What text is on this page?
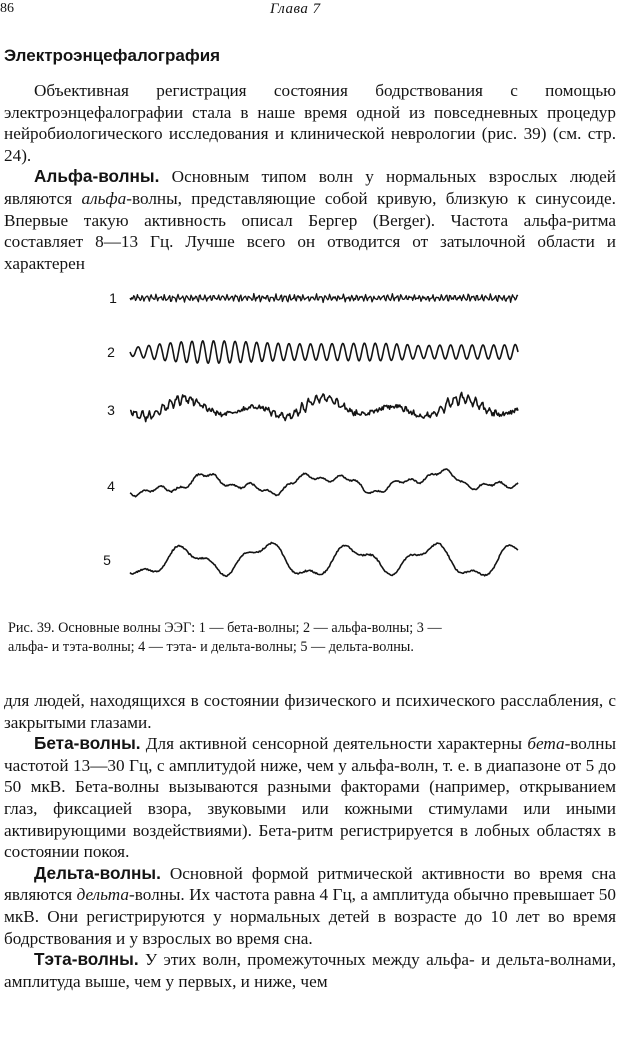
86	Глава 7
Электроэнцефалография

Объективная регистрация состояния бодрствования с помощью электроэнцефалографии стала в наше время одной из повседневных процедур нейробиологического исследования и клинической неврологии (рис. 39) (см. стр. 24).

Альфа-волны. Основным типом волн у нормальных взрослых людей являются альфа-волны, представляющие собой кривую, близкую к синусоиде. Впервые такую активность описал Бергер (Berger). Частота альфа-ритма составляет 8—13 Гц. Лучше всего он отводится от затылочной области и характерен

1
2
3
4
5
Рис. 39. Основные волны ЭЭГ: 1 — бета-волны; 2 — альфа-волны; 3 —
альфа- и тэта-волны; 4 — тэта- и дельта-волны; 5 — дельта-волны.

для людей, находящихся в состоянии физического и психического расслабления, с закрытыми глазами.

Бета-волны. Для активной сенсорной деятельности характерны бета-волны частотой 13—30 Гц, с амплитудой ниже, чем у альфа-волн, т. е. в диапазоне от 5 до 50 мкВ. Бета-волны вызываются разными факторами (например, открыванием глаз, фиксацией взора, звуковыми или кожными стимулами или иными активирующими воздействиями). Бета-ритм регистрируется в лобных областях в состоянии покоя.

Дельта-волны. Основной формой ритмической активности во время сна являются дельта-волны. Их частота равна 4 Гц, а амплитуда обычно превышает 50 мкВ. Они регистрируются у нормальных детей в возрасте до 10 лет во время бодрствования и у взрослых во время сна.

Тэта-волны. У этих волн, промежуточных между альфа- и дельта-волнами, амплитуда выше, чем у первых, и ниже, чем
